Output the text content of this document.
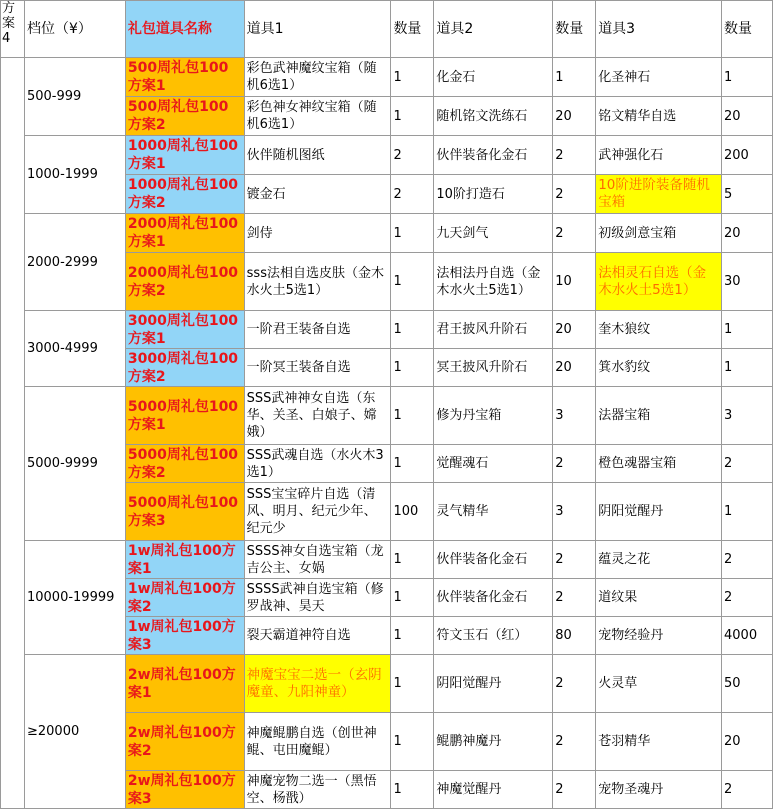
方
案
4	档位（¥）	礼包道具名称	道具1	数量	道具2	数量	道具3	数量
	500-999	500周礼包100方案1	彩色武神魔纹宝箱（随机6选1）	1	化金石	1	化圣神石	1
		500周礼包100方案2	彩色神女神纹宝箱（随机6选1）	1	随机铭文洗练石	20	铭文精华自选	20
	1000-1999	1000周礼包100方案1	伙伴随机图纸	2	伙伴装备化金石	2	武神强化石	200
		1000周礼包100方案2	镀金石	2	10阶打造石	2	10阶进阶装备随机宝箱	5
	2000-2999	2000周礼包100方案1	剑侍	1	九天剑气	2	初级剑意宝箱	20
		2000周礼包100方案2	sss法相自选皮肤（金木水火土5选1）	1	法相法丹自选（金木水火土5选1）	10	法相灵石自选（金木水火土5选1）	30
	3000-4999	3000周礼包100方案1	一阶君王装备自选	1	君王披风升阶石	20	奎木狼纹	1
		3000周礼包100方案2	一阶冥王装备自选	1	冥王披风升阶石	20	箕水豹纹	1
	5000-9999	5000周礼包100方案1	SSS武神神女自选（东华、关圣、白娘子、嫦娥）	1	修为丹宝箱	3	法器宝箱	3
		5000周礼包100方案2	SSS武魂自选（水火木3选1）	1	觉醒魂石	2	橙色魂器宝箱	2
		5000周礼包100方案3	SSS宝宝碎片自选（清风、明月、纪元少年、纪元少	100	灵气精华	3	阴阳觉醒丹	1
	10000-19999	1w周礼包100方案1	SSSS神女自选宝箱（龙吉公主、女娲	1	伙伴装备化金石	2	蕴灵之花	2
		1w周礼包100方案2	SSSS武神自选宝箱（修罗战神、昊天	1	伙伴装备化金石	2	道纹果	2
		1w周礼包100方案3	裂天霸道神符自选	1	符文玉石（红）	80	宠物经验丹	4000
	≥20000	2w周礼包100方案1	神魔宝宝二选一（玄阴魔童、九阳神童）	1	阴阳觉醒丹	2	火灵草	50
		2w周礼包100方案2	神魔鲲鹏自选（创世神鲲、屯田魔鲲）	1	鲲鹏神魔丹	2	苍羽精华	20
		2w周礼包100方案3	神魔宠物二选一（黑悟空、杨戬）	1	神魔觉醒丹	2	宠物圣魂丹	2
